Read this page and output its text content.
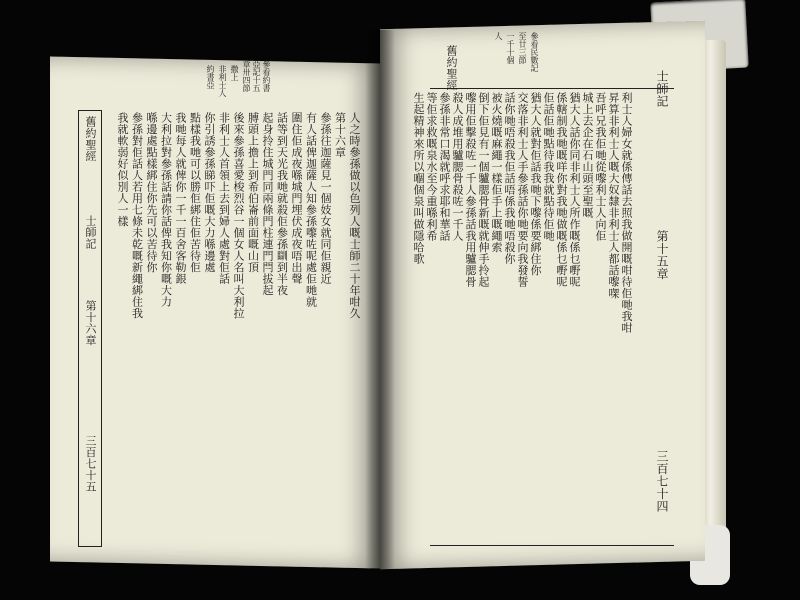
士師記
第十五章
三百七十四
舊約聖經	參看民數記
至廿三節
一千十個
人
利士人婦女就係傳話去照我做開嘅咁待佢哋我咁
昇算非利士人嘅大奴隸非利士人都話嚟㗎
吾呼兄我佢哋從嚟利士人向佢
城上去企在石山頭至聖嘅
猶大人話你同非利士人所作嘅係乜嘢呢
係轄制我哋嘅咩你對我哋做嘅係乜嘢呢
佢話佢哋點待我我就點待佢哋
猶大人就對佢話我哋下嚟係要綁住你
交落非利士人手參孫話你哋要向我發誓
話你哋唔殺我佢話唔係我哋唔殺你
被火燒嘅麻繩一樣佢手上嘅繩索
倒下佢見有一個驢腮骨新嘅就伸手拎起
嚟用佢擊殺咗一千人參孫話我用驢腮骨
殺人成堆用驢腮骨殺咗一千人
參孫非常口渴就呼求耶和華話
等佢求救嘅泉水至今重喺利希
生起精神來所以嗰個泉叫做隱哈歌
舊約聖經
士師記
第十六章
三百七十五
參看約書
亞記十五
章卅四節
撒上
非利士人
約書亞
人之時參孫做以色列人嘅士師二十年咁久
第十六章
參孫往迦薩見一個妓女就同佢親近
有人話俾迦薩人知參孫嚟咗呢處佢哋就
圍住佢成夜喺城門埋伏成夜唔出聲
話等到天光我哋就殺佢參孫瞓到半夜
起身拎住城門同兩條門柱連門閂拔起
膊頭上擔上到希伯崙前面嘅山頂
後來參孫喜愛梭烈谷一個女人名叫大利拉
非利士人首領上去到婦人處對佢話
你引誘參孫睇吓佢嘅大力喺邊處
點樣我哋可以勝佢綁住佢苦待佢
我哋每人就俾你一千一百舍客勒銀
大利拉對參孫話請你話俾我知你嘅大力
喺邊處點樣綁住你先可以苦待你
參孫對佢話人若用七條未乾嘅新繩綁住我
我就軟弱好似別人一樣
